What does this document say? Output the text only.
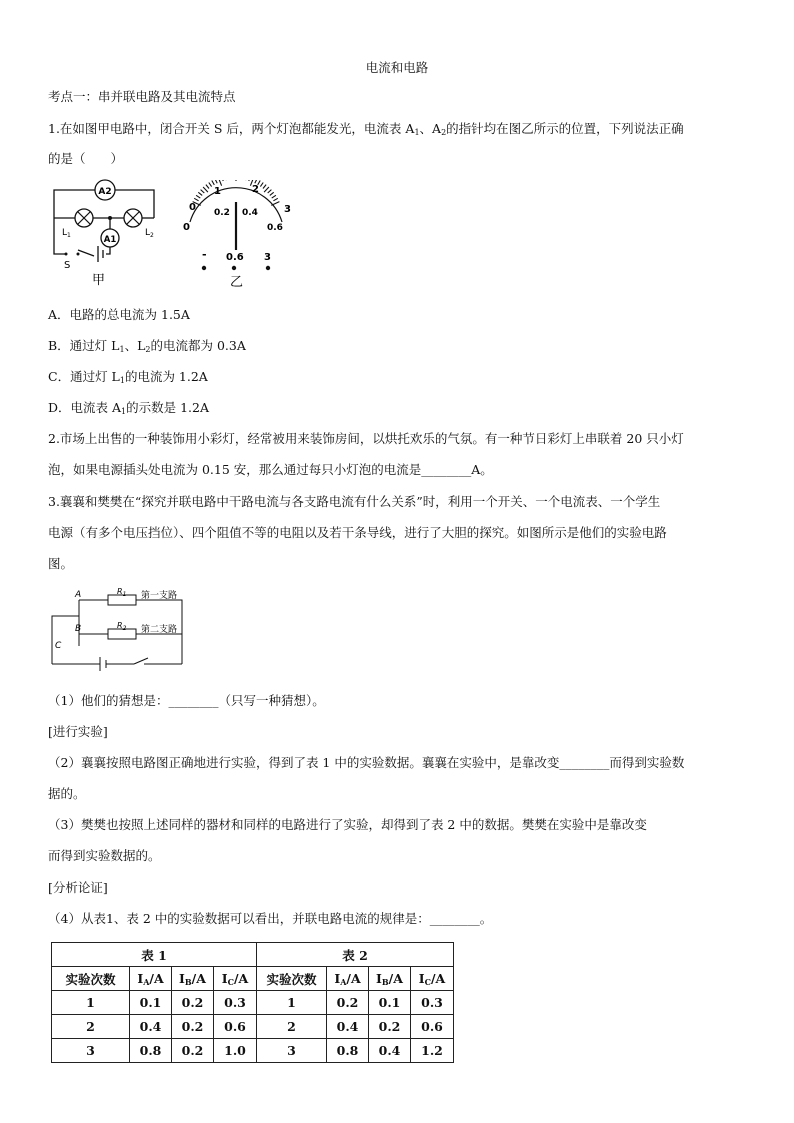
电流和电路
考点一：串并联电路及其电流特点
1.在如图甲电路中，闭合开关 S 后，两个灯泡都能发光，电流表 $A_1$、$A_2$的指针均在图乙所示的位置，下列说法正确
的是（　　）
A2
A1
$L_1$	$L_2$
S
甲
0
0
1	2
3
0.2 0.4
0.6
- 0.6 3
乙
A．电路的总电流为 1.5A
B．通过灯 $L_1$、$L_2$的电流都为 0.3A
C．通过灯 $L_1$的电流为 1.2A
D．电流表 $A_1$的示数是 1.2A
2.市场上出售的一种装饰用小彩灯，经常被用来装饰房间，以烘托欢乐的气氛。有一种节日彩灯上串联着 20 只小灯
泡，如果电源插头处电流为 0.15 安，那么通过每只小灯泡的电流是________A。
3.襄襄和樊樊在“探究并联电路中干路电流与各支路电流有什么关系”时，利用一个开关、一个电流表、一个学生
电源（有多个电压挡位）、四个阻值不等的电阻以及若干条导线，进行了大胆的探究。如图所示是他们的实验电路
图。
A
B
C
$R_1$
$R_2$
第一支路
第二支路
（1）他们的猜想是：________（只写一种猜想）。
[进行实验]
（2）襄襄按照电路图正确地进行实验，得到了表 1 中的实验数据。襄襄在实验中，是靠改变________而得到实验数
据的。
（3）樊樊也按照上述同样的器材和同样的电路进行了实验，却得到了表 2 中的数据。樊樊在实验中是靠改变
而得到实验数据的。
[分析论证]
（4）从表1、表 2 中的实验数据可以看出，并联电路电流的规律是：________。
表 1				表 2			
实验次数	$I_A/A$	$I_B/A$	$I_C/A$	实验次数	$I_A/A$	$I_B/A$	$I_C/A$
1	0.1	0.2	0.3	1	0.2	0.1	0.3
2	0.4	0.2	0.6	2	0.4	0.2	0.6
3	0.8	0.2	1.0	3	0.8	0.4	1.2
